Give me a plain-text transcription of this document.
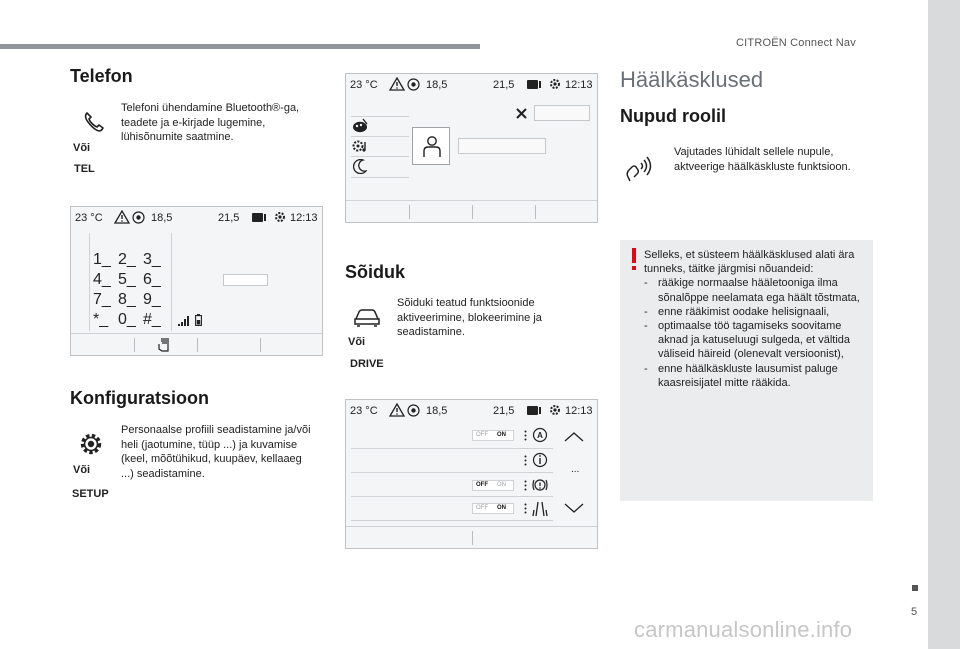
CITROËN Connect Nav
5
carmanualsonline.info
Telefon
Või
TEL
Telefoni ühendamine Bluetooth®-ga, teadete ja e-kirjade lugemine, lühisõnumite saatmine.
23 °C	18,5	21,5	12:13
1_ 2_ 3_
4_ 5_ 6_
7_ 8_ 9_
*_ 0_ #_
Konfiguratsioon
Või
SETUP
Personaalse profiili seadistamine ja/või heli (jaotumine, tüüp ...) ja kuvamise (keel, mõõtühikud, kuupäev, kellaaeg ...) seadistamine.
23 °C	18,5	21,5	12:13
Sõiduk
Või
DRIVE
Sõiduki teatud funktsioonide aktiveerimine, blokeerimine ja seadistamine.
23 °C	18,5	21,5	12:13
OFF ON	A
OFF ON
OFF ON
...
Häälkäsklused
Nupud roolil
Vajutades lühidalt sellele nupule, aktveerige häälkäskluste funktsioon.

Selleks, et süsteem häälkäsklused alati ära tunneks, täitke järgmisi nõuandeid:

- rääkige normaalse hääletooniga ilma sõnalõppe neelamata ega häält tõstmata,
- enne rääkimist oodake helisignaali,
- optimaalse töö tagamiseks soovitame aknad ja katuseluugi sulgeda, et vältida väliseid häireid (olenevalt versioonist),
- enne häälkäskluste lausumist paluge kaasreisijatel mitte rääkida.
